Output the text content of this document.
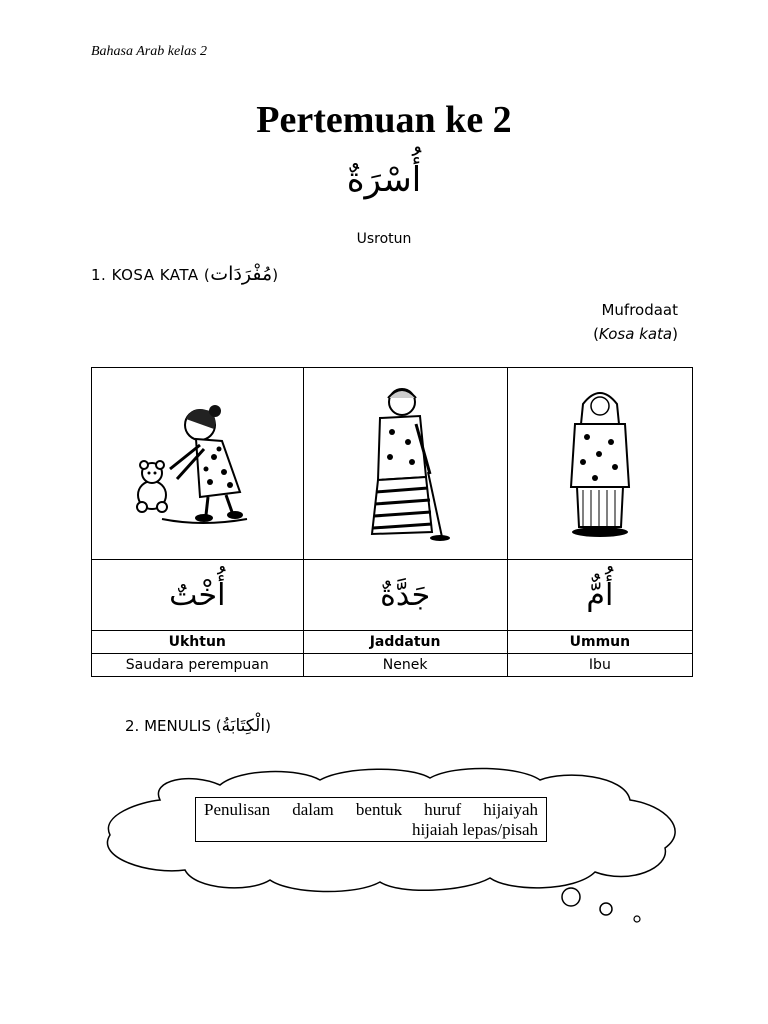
Bahasa Arab kelas 2
Pertemuan ke 2
أُسْرَةٌ
Usrotun
1. KOSA KATA (مُفْرَدَات)
Mufrodaat
(Kosa kata)

أُخْتٌ	جَدَّةٌ	أُمٌّ
Ukhtun	Jaddatun	Ummun
Saudara perempuan	Nenek	Ibu
2. MENULIS (الْكِتَابَةُ)
Penulisan dalam bentuk huruf hijaiyah
hijaiah lepas/pisah
